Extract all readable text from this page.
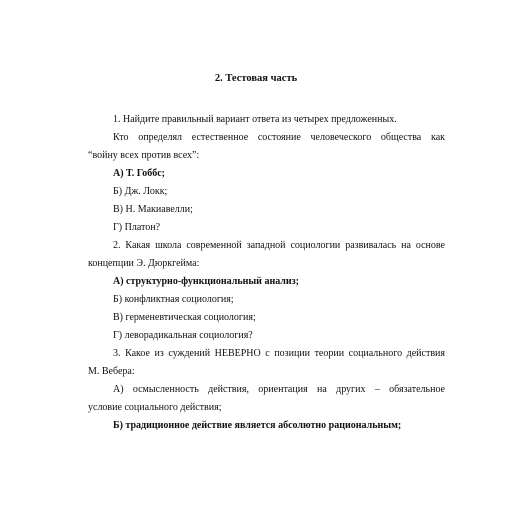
2. Тестовая часть

1. Найдите правильный вариант ответа из четырех предложенных.

Кто определял естественное состояние человеческого общества как

“войну всех против всех”:

А) Т. Гоббс;

Б) Дж. Локк;

В) Н. Макиавелли;

Г) Платон?

2. Какая школа современной западной социологии развивалась на основе

концепции Э. Дюркгейма:

А) структурно-функциональный анализ;

Б) конфликтная социология;

В) герменевтическая социология;

Г) леворадикальная социология?

3. Какое из суждений НЕВЕРНО с позиции теории социального действия

М. Вебера:

А) осмысленность действия, ориентация на других – обязательное

условие социального действия;

Б) традиционное действие является абсолютно рациональным;
